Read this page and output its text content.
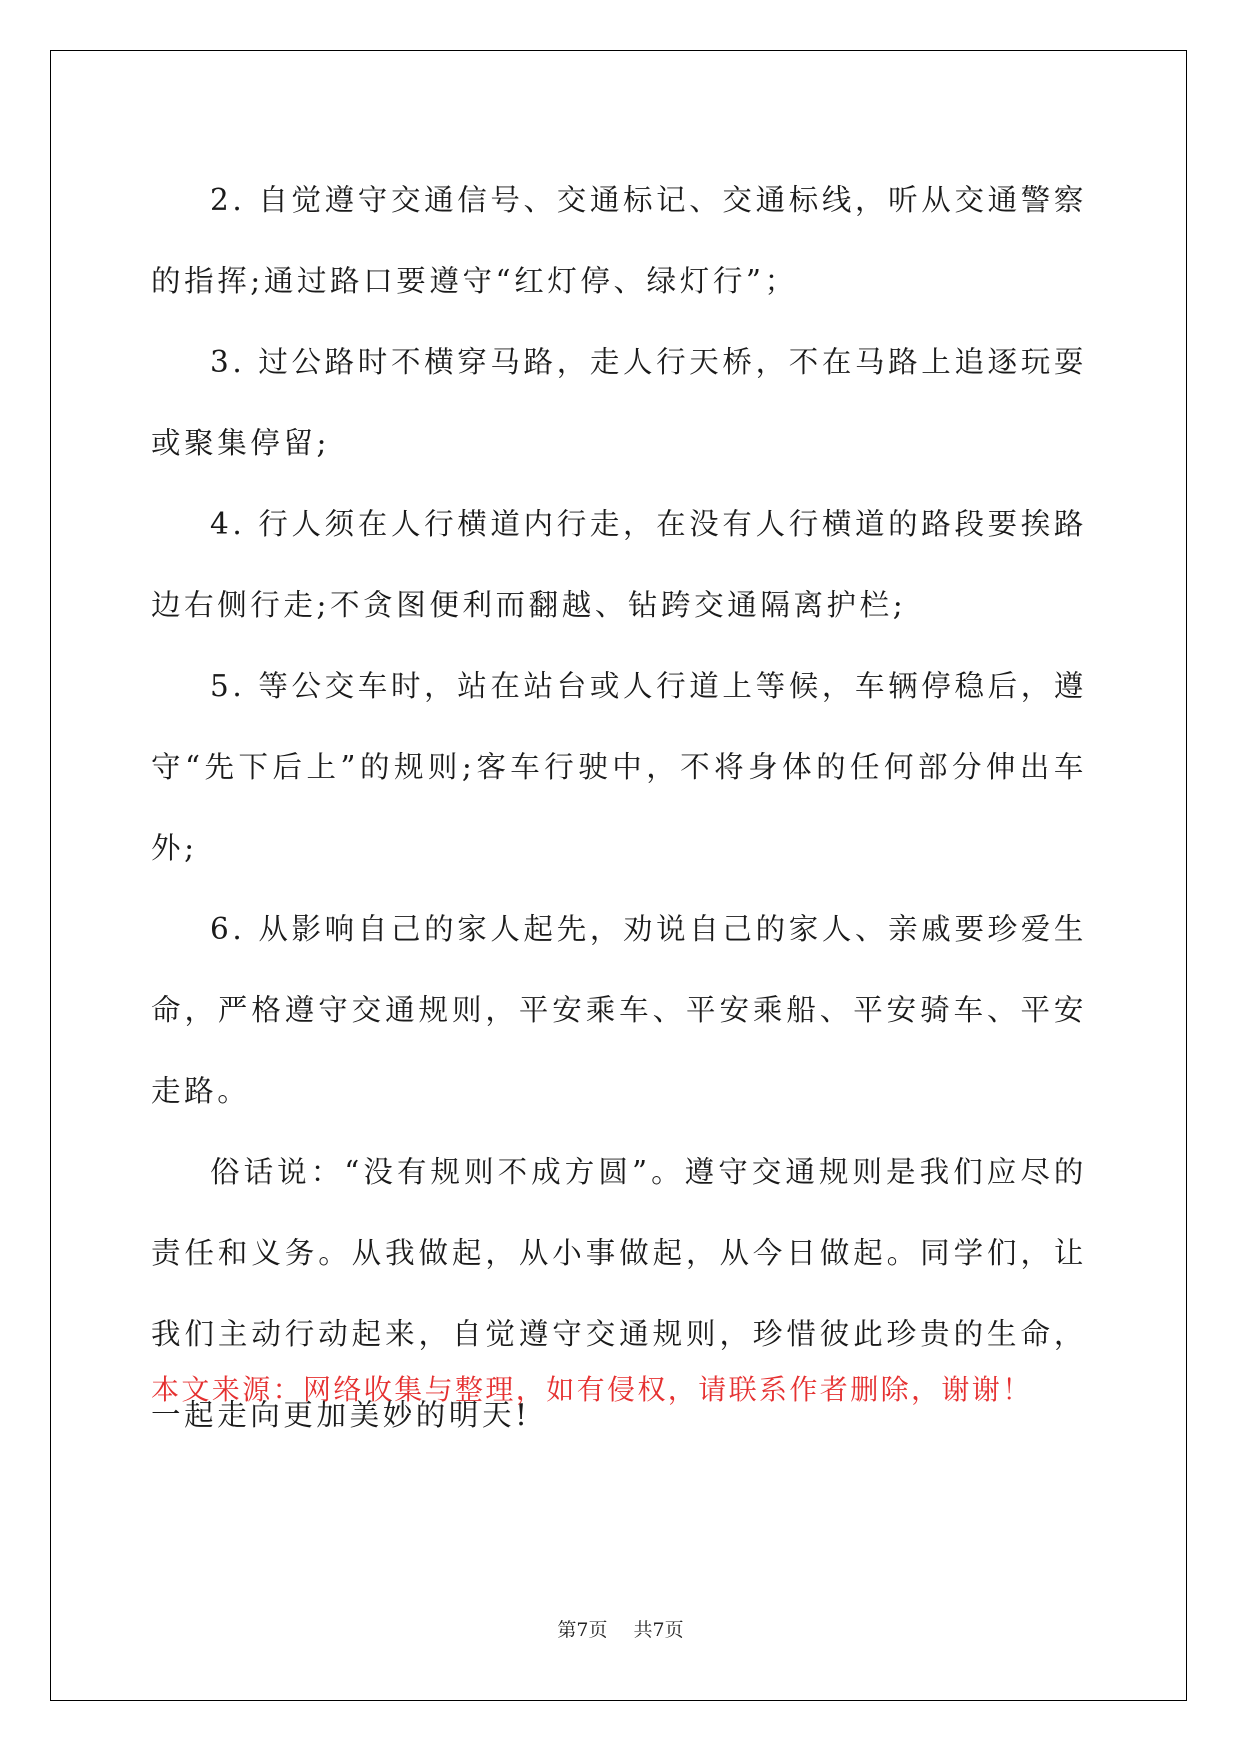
2. 自觉遵守交通信号、交通标记、交通标线，听从交通警察的指挥;通过路口要遵守“红灯停、绿灯行”；

3. 过公路时不横穿马路，走人行天桥，不在马路上追逐玩耍或聚集停留;

4. 行人须在人行横道内行走，在没有人行横道的路段要挨路边右侧行走;不贪图便利而翻越、钻跨交通隔离护栏;

5. 等公交车时，站在站台或人行道上等候，车辆停稳后，遵守“先下后上”的规则;客车行驶中，不将身体的任何部分伸出车外;

6. 从影响自己的家人起先，劝说自己的家人、亲戚要珍爱生命，严格遵守交通规则，平安乘车、平安乘船、平安骑车、平安走路。

俗话说：“没有规则不成方圆”。遵守交通规则是我们应尽的责任和义务。从我做起，从小事做起，从今日做起。同学们，让我们主动行动起来，自觉遵守交通规则，珍惜彼此珍贵的生命，一起走向更加美妙的明天!

本文来源：网络收集与整理，如有侵权，请联系作者删除，谢谢！
第7页 共7页
